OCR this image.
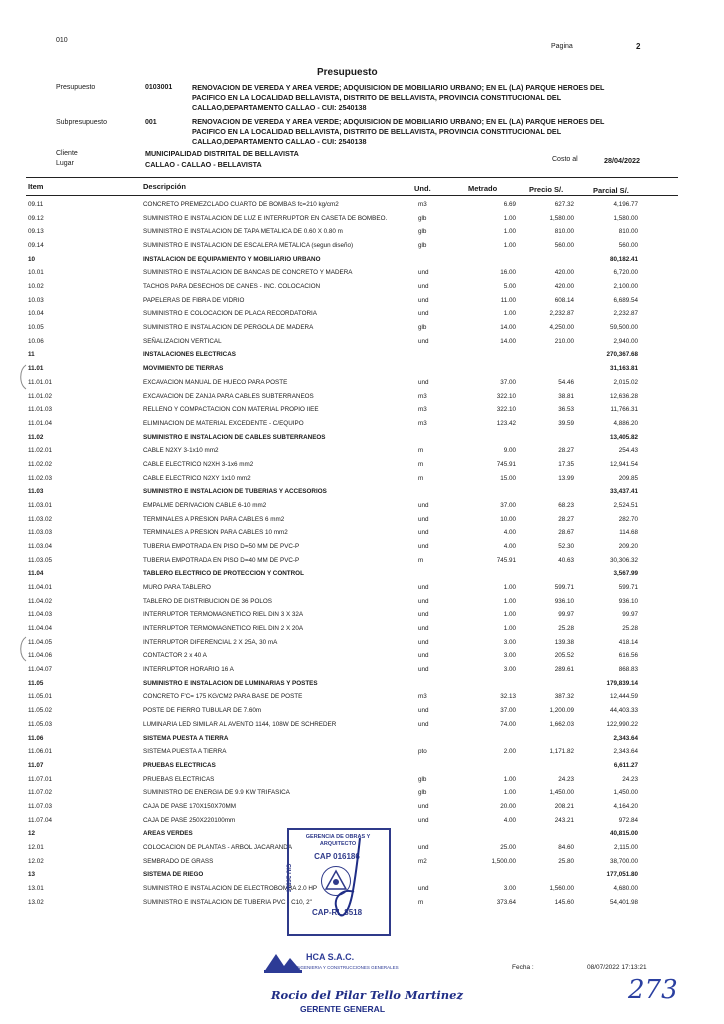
010
Pagina	2
Presupuesto
Presupuesto	0103001	RENOVACION DE VEREDA Y AREA VERDE; ADQUISICION DE MOBILIARIO URBANO; EN EL (LA) PARQUE HEROES DEL PACIFICO EN LA LOCALIDAD BELLAVISTA, DISTRITO DE BELLAVISTA, PROVINCIA CONSTITUCIONAL DEL CALLAO,DEPARTAMENTO CALLAO - CUI: 2540138
Subpresupuesto	001	RENOVACION DE VEREDA Y AREA VERDE; ADQUISICION DE MOBILIARIO URBANO; EN EL (LA) PARQUE HEROES DEL PACIFICO EN LA LOCALIDAD BELLAVISTA, DISTRITO DE BELLAVISTA, PROVINCIA CONSTITUCIONAL DEL CALLAO,DEPARTAMENTO CALLAO - CUI: 2540138
Cliente	MUNICIPALIDAD DISTRITAL DE BELLAVISTA
Costo al	28/04/2022
Lugar	CALLAO - CALLAO - BELLAVISTA
Item	Descripción	Und.	Metrado	Precio S/.	Parcial S/.
09.11	CONCRETO PREMEZCLADO CUARTO DE BOMBAS fc=210 kg/cm2	m3	6.69	627.32	4,196.77
09.12	SUMINISTRO E INSTALACION DE LUZ E INTERRUPTOR EN CASETA DE BOMBEO.	glb	1.00	1,580.00	1,580.00
09.13	SUMINISTRO E INSTALACION DE TAPA METALICA DE 0.60 X 0.80 m	glb	1.00	810.00	810.00
09.14	SUMINISTRO E INSTALACION DE ESCALERA METALICA (segun diseño)	glb	1.00	560.00	560.00
10	INSTALACION DE EQUIPAMIENTO Y MOBILIARIO URBANO	80,182.41
10.01	SUMINISTRO E INSTALACION DE BANCAS DE CONCRETO Y MADERA	und	16.00	420.00	6,720.00
10.02	TACHOS PARA DESECHOS DE CANES - INC. COLOCACION	und	5.00	420.00	2,100.00
10.03	PAPELERAS DE FIBRA DE VIDRIO	und	11.00	608.14	6,689.54
10.04	SUMINISTRO E COLOCACION DE PLACA RECORDATORIA	und	1.00	2,232.87	2,232.87
10.05	SUMINISTRO E INSTALACION DE PERGOLA DE MADERA	glb	14.00	4,250.00	59,500.00
10.06	SEÑALIZACION VERTICAL	und	14.00	210.00	2,940.00
11	INSTALACIONES ELECTRICAS	270,367.68
11.01	MOVIMIENTO DE TIERRAS	31,163.81
11.01.01	EXCAVACION MANUAL DE HUECO PARA POSTE	und	37.00	54.46	2,015.02
11.01.02	EXCAVACION DE ZANJA PARA CABLES SUBTERRANEOS	m3	322.10	38.81	12,636.28
11.01.03	RELLENO Y COMPACTACION CON MATERIAL PROPIO IIEE	m3	322.10	36.53	11,766.31
11.01.04	ELIMINACION DE MATERIAL EXCEDENTE - C/EQUIPO	m3	123.42	39.59	4,886.20
11.02	SUMINISTRO E INSTALACION DE CABLES SUBTERRANEOS	13,405.82
11.02.01	CABLE N2XY 3-1x10 mm2	m	9.00	28.27	254.43
11.02.02	CABLE ELECTRICO N2XH 3-1x6 mm2	m	745.91	17.35	12,941.54
11.02.03	CABLE ELECTRICO N2XY 1x10 mm2	m	15.00	13.99	209.85
11.03	SUMINISTRO E INSTALACION DE TUBERIAS Y ACCESORIOS	33,437.41
11.03.01	EMPALME DERIVACION CABLE 6-10 mm2	und	37.00	68.23	2,524.51
11.03.02	TERMINALES A PRESION PARA CABLES 6 mm2	und	10.00	28.27	282.70
11.03.03	TERMINALES A PRESION PARA CABLES 10 mm2	und	4.00	28.67	114.68
11.03.04	TUBERIA EMPOTRADA EN PISO D=50 MM DE PVC-P	und	4.00	52.30	209.20
11.03.05	TUBERIA EMPOTRADA EN PISO D=40 MM DE PVC-P	m	745.91	40.63	30,306.32
11.04	TABLERO ELECTRICO DE PROTECCION Y CONTROL	3,567.99
11.04.01	MURO PARA TABLERO	und	1.00	599.71	599.71
11.04.02	TABLERO DE DISTRIBUCION DE 36 POLOS	und	1.00	936.10	936.10
11.04.03	INTERRUPTOR TERMOMAGNETICO RIEL DIN 3 X 32A	und	1.00	99.97	99.97
11.04.04	INTERRUPTOR TERMOMAGNETICO RIEL DIN 2 X 20A	und	1.00	25.28	25.28
11.04.05	INTERRUPTOR DIFERENCIAL 2 X 25A, 30 mA	und	3.00	139.38	418.14
11.04.06	CONTACTOR 2 x 40 A	und	3.00	205.52	616.56
11.04.07	INTERRUPTOR HORARIO 16 A	und	3.00	289.61	868.83
11.05	SUMINISTRO E INSTALACION DE LUMINARIAS Y POSTES	179,839.14
11.05.01	CONCRETO F'C= 175 KG/CM2 PARA BASE DE POSTE	m3	32.13	387.32	12,444.59
11.05.02	POSTE DE FIERRO TUBULAR DE 7.60m	und	37.00	1,200.09	44,403.33
11.05.03	LUMINARIA LED SIMILAR AL AVENTO 1144, 108W DE SCHREDER	und	74.00	1,662.03	122,990.22
11.06	SISTEMA PUESTA A TIERRA	2,343.64
11.06.01	SISTEMA PUESTA A TIERRA	pto	2.00	1,171.82	2,343.64
11.07	PRUEBAS ELECTRICAS	6,611.27
11.07.01	PRUEBAS ELECTRICAS	glb	1.00	24.23	24.23
11.07.02	SUMINISTRO DE ENERGIA DE 9.9 KW TRIFASICA	glb	1.00	1,450.00	1,450.00
11.07.03	CAJA DE PASE 170X150X70MM	und	20.00	208.21	4,164.20
11.07.04	CAJA DE PASE 250X220100mm	und	4.00	243.21	972.84
12	AREAS VERDES	40,815.00
12.01	COLOCACION DE PLANTAS - ARBOL JACARANDA	und	25.00	84.60	2,115.00
12.02	SEMBRADO DE GRASS	m2	1,500.00	25.80	38,700.00
13	SISTEMA DE RIEGO	177,051.80
13.01	SUMINISTRO E INSTALACION DE ELECTROBOMBA 2.0 HP	und	3.00	1,560.00	4,680.00
13.02	SUMINISTRO E INSTALACION DE TUBERIA PVC - C10, 2"	m	373.64	145.60	54,401.98
GERENCIA DE OBRAS Y ARQUITECTO
CAP 016186
CAP-RL 8518
CIU 26516
Fecha :	08/07/2022 17:13:21
273
HCA S.A.C.
INGENIERIA Y CONSTRUCCIONES GENERALES
Rocio del Pilar Tello Martinez
GERENTE GENERAL
